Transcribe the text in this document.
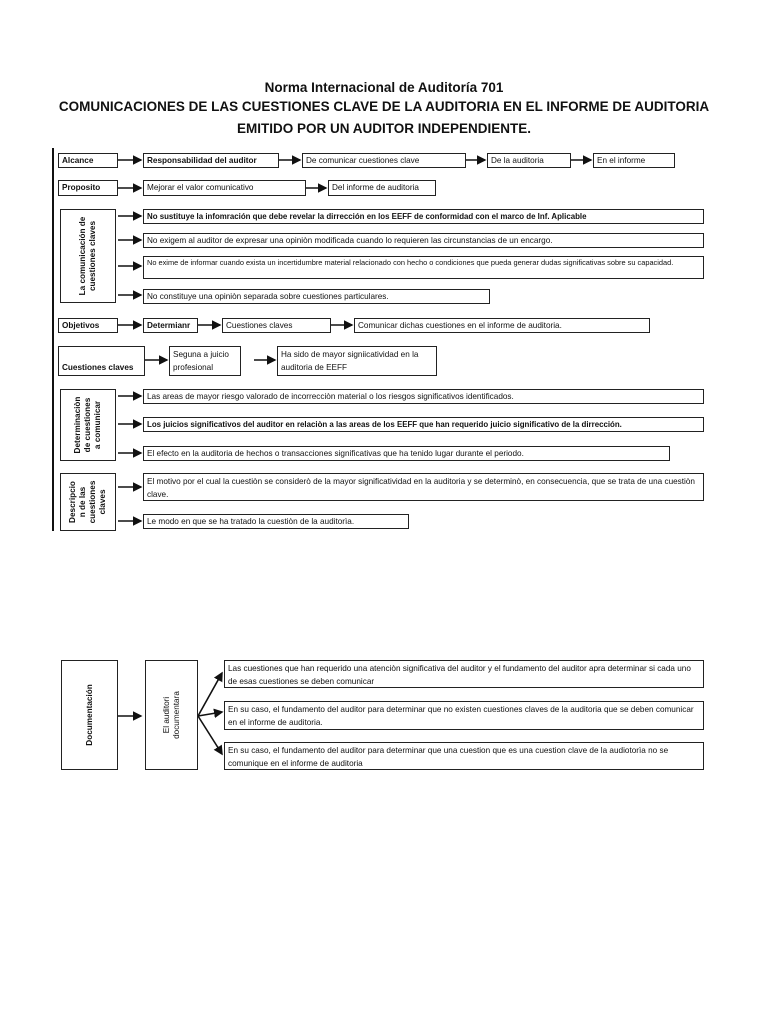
Norma Internacional de Auditoría 701
COMUNICACIONES DE LAS CUESTIONES CLAVE DE LA AUDITORIA EN EL INFORME DE AUDITORIA
EMITIDO POR UN AUDITOR INDEPENDIENTE.
Alcance	Responsabilidad del auditor	De comunicar cuestiones clave	De la auditoria	En el informe
Proposito	Mejorar el valor comunicativo	Del informe de auditoria
La comunicación de cuestiones claves
No sustituye la infomración que debe revelar la dirrección en los EEFF de conformidad con el marco de Inf. Aplicable
No exigem al auditor de expresar una opiniòn modificada cuando lo requieren las circunstancias de un encargo.
No exime de informar cuando exista un incertidumbre material relacionado con hecho o condiciones que pueda generar dudas significativas sobre su capacidad.
No constituye una opiniòn separada sobre cuestiones particulares.
Objetivos	Determianr	Cuestiones claves	Comunicar dichas cuestiones en el informe de auditoria.
Cuestiones claves
Seguna a juicio profesional
Ha sido de mayor signiicatividad en la auditoria de EEFF
Determinaciòn de cuestiones a comunicar
Las areas de mayor riesgo valorado de incorrecciòn material o los riesgos significativos identificados.
Los juicios significativos del auditor en relaciòn a las areas de los EEFF que han requerido juicio significativo de la dirrección.
El efecto en la auditoria de hechos o transacciones significativas que ha tenido lugar durante el periodo.
Descripcio n de las cuestiones claves
El motivo por el cual la cuestiòn se considerò de la mayor significatividad en la auditoria y se determinò, en consecuencia, que se trata de una cuestiòn clave.
Le modo en que se ha tratado la cuestiòn de la auditorìa.
Documentación	El auditori documentara
Las cuestiones que han requerido una atenciòn significativa del auditor y el fundamento del auditor apra determinar si cada uno de esas cuestiones se deben comunicar
En su caso, el fundamento del auditor para determinar que no existen cuestiones claves de la auditoria que se deben comunicar en el informe de auditoria.
En su caso, el fundamento del auditor para determinar que una cuestion que es una cuestion clave de la audiotorìa no se comunique en el informe de auditoria
